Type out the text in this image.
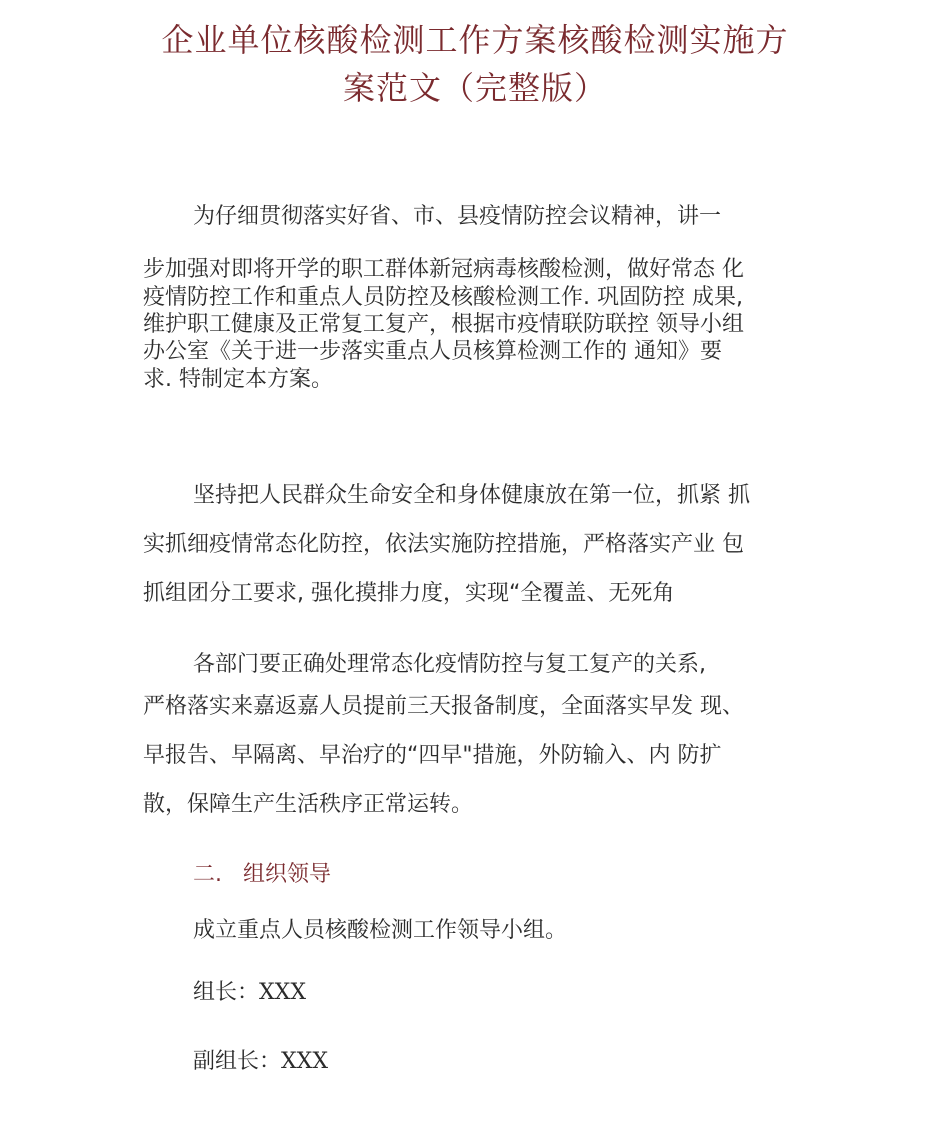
企业单位核酸检测工作方案核酸检测实施方
案范文（完整版）
为仔细贯彻落实好省、市、县疫情防控会议精神，讲一
步加强对即将开学的职工群体新冠病毒核酸检测，做好常态 化
疫情防控工作和重点人员防控及核酸检测工作. 巩固防控 成果,
维护职工健康及正常复工复产，根据市疫情联防联控 领导小组
办公室《关于进一步落实重点人员核算检测工作的 通知》要
求. 特制定本方案。
坚持把人民群众生命安全和身体健康放在第一位，抓紧 抓
实抓细疫情常态化防控，依法实施防控措施，严格落实产业 包
抓组团分工要求, 强化摸排力度，实现“全覆盖、无死角
各部门要正确处理常态化疫情防控与复工复产的关系,
严格落实来嘉返嘉人员提前三天报备制度，全面落实早发 现、
早报告、早隔离、早治疗的“四早"措施，外防输入、内 防扩
散，保障生产生活秩序正常运转。
二. 组织领导
成立重点人员核酸检测工作领导小组。
组长：XXX
副组长：XXX
